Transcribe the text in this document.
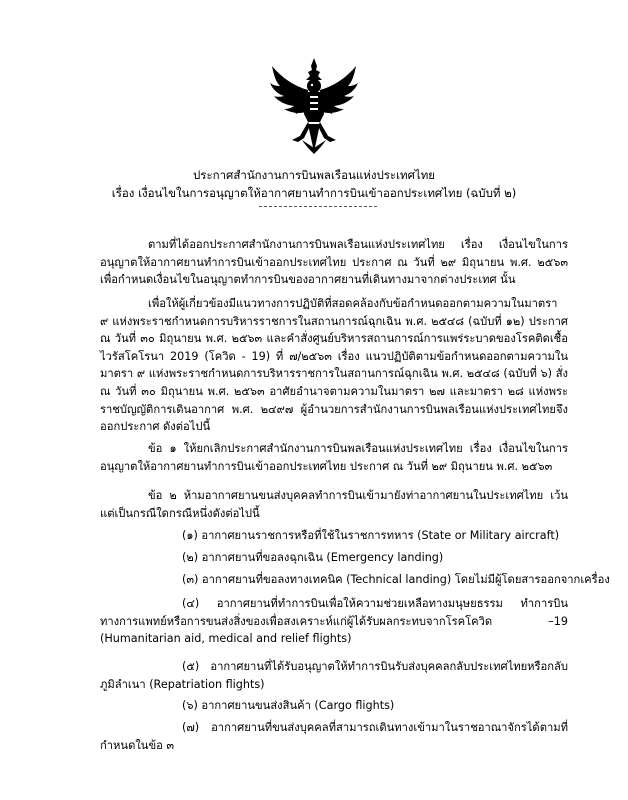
ประกาศสำนักงานการบินพลเรือนแห่งประเทศไทย
เรื่อง เงื่อนไขในการอนุญาตให้อากาศยานทำการบินเข้าออกประเทศไทย (ฉบับที่ ๒)

ตามที่ได้ออกประกาศสำนักงานการบินพลเรือนแห่งประเทศไทย เรื่อง เงื่อนไขในการอนุญาตให้อากาศยานทำการบินเข้าออกประเทศไทย ประกาศ ณ วันที่ ๒๙ มิถุนายน พ.ศ. ๒๕๖๓ เพื่อกำหนดเงื่อนไขในอนุญาตทำการบินของอากาศยานที่เดินทางมาจากต่างประเทศ นั้น

เพื่อให้ผู้เกี่ยวข้องมีแนวทางการปฏิบัติที่สอดคล้องกับข้อกำหนดออกตามความในมาตรา ๙ แห่งพระราชกำหนดการบริหารราชการในสถานการณ์ฉุกเฉิน พ.ศ. ๒๕๔๘ (ฉบับที่ ๑๒) ประกาศ ณ วันที่ ๓๐ มิถุนายน พ.ศ. ๒๕๖๓ และคำสั่งศูนย์บริหารสถานการณ์การแพร่ระบาดของโรคติดเชื้อไวรัสโคโรนา 2019 (โควิด - 19) ที่ ๗/๒๕๖๓ เรื่อง แนวปฏิบัติตามข้อกำหนดออกตามความในมาตรา ๙ แห่งพระราชกำหนดการบริหารราชการในสถานการณ์ฉุกเฉิน พ.ศ. ๒๕๔๘ (ฉบับที่ ๖) สั่ง ณ วันที่ ๓๐ มิถุนายน พ.ศ. ๒๕๖๓ อาศัยอำนาจตามความในมาตรา ๒๗ และมาตรา ๒๘ แห่งพระราชบัญญัติการเดินอากาศ พ.ศ. ๒๔๙๗ ผู้อำนวยการสำนักงานการบินพลเรือนแห่งประเทศไทยจึงออกประกาศ ดังต่อไปนี้

ข้อ ๑ ให้ยกเลิกประกาศสำนักงานการบินพลเรือนแห่งประเทศไทย เรื่อง เงื่อนไขในการอนุญาตให้อากาศยานทำการบินเข้าออกประเทศไทย ประกาศ ณ วันที่ ๒๙ มิถุนายน พ.ศ. ๒๕๖๓

ข้อ ๒ ห้ามอากาศยานขนส่งบุคคลทำการบินเข้ามายังท่าอากาศยานในประเทศไทย เว้นแต่เป็นกรณีใดกรณีหนึ่งดังต่อไปนี้

(๑) อากาศยานราชการหรือที่ใช้ในราชการทหาร (State or Military aircraft)

(๒) อากาศยานที่ขอลงฉุกเฉิน (Emergency landing)

(๓) อากาศยานที่ขอลงทางเทคนิค (Technical landing) โดยไม่มีผู้โดยสารออกจากเครื่อง

(๔) อากาศยานที่ทำการบินเพื่อให้ความช่วยเหลือทางมนุษยธรรม ทำการบินทางการแพทย์หรือการขนส่งสิ่งของเพื่อสงเคราะห์แก่ผู้ได้รับผลกระทบจากโรคโควิด –19 (Humanitarian aid, medical and relief flights)

(๕) อากาศยานที่ได้รับอนุญาตให้ทำการบินรับส่งบุคคลกลับประเทศไทยหรือกลับภูมิลำเนา (Repatriation flights)

(๖) อากาศยานขนส่งสินค้า (Cargo flights)

(๗) อากาศยานที่ขนส่งบุคคลที่สามารถเดินทางเข้ามาในราชอาณาจักรได้ตามที่กำหนดในข้อ ๓
